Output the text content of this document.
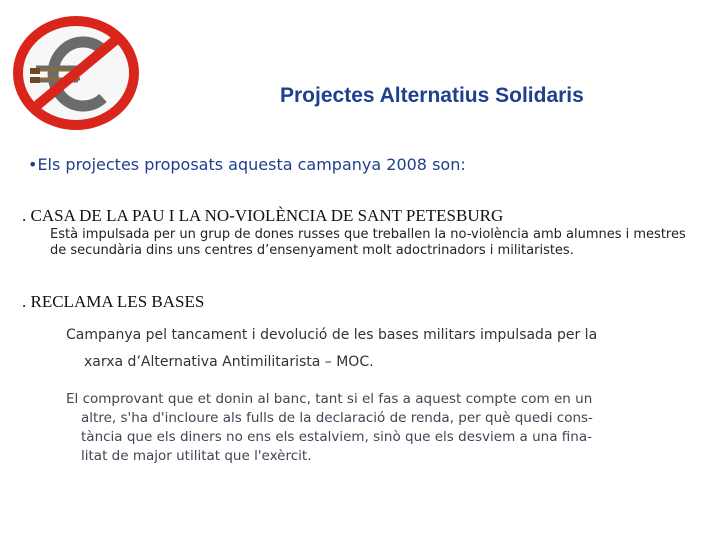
Projectes Alternatius Solidaris
•Els projectes proposats aquesta campanya 2008 son:
. CASA DE LA PAU I LA NO-VIOLÈNCIA DE SANT PETESBURG
Està impulsada per un grup de dones russes que treballen la no-violència amb alumnes i mestres de secundària dins uns centres d’ensenyament molt adoctrinadors i militaristes.
. RECLAMA LES BASES
Campanya pel tancament i devolució de les bases militars impulsada per la
xarxa d’Alternativa Antimilitarista – MOC.
El comprovant que et donin al banc, tant si el fas a aquest compte com en un
altre, s'ha d'incloure als fulls de la declaració de renda, per què quedi cons-
tància que els diners no ens els estalviem, sinò que els desviem a una fina-
litat de major utilitat que l'exèrcit.
